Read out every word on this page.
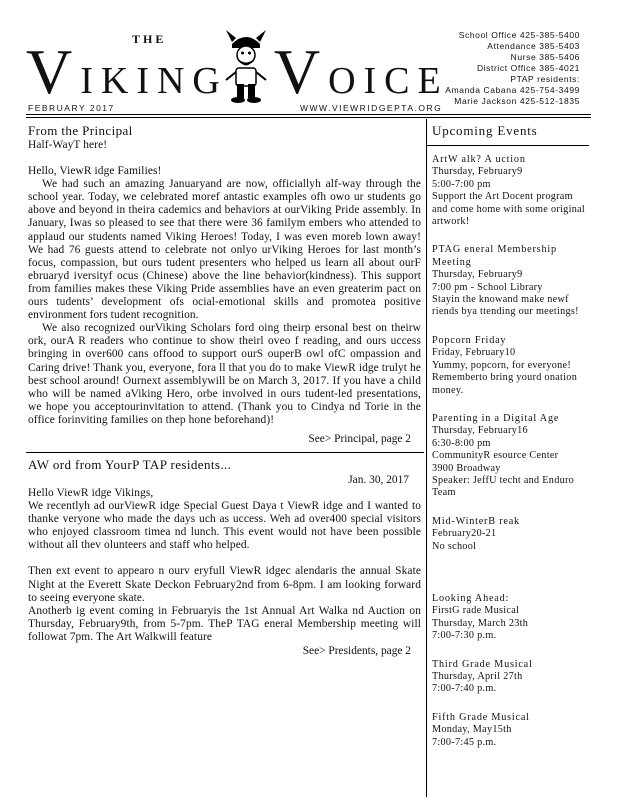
THE
VIKING VOICE
School Office 425-385-5400
Attendance 385-5403
Nurse 385-5406
District Office 385-4021
PTAP residents:
Amanda Cabana 425-754-3499
Marie Jackson 425-512-1835
FEBRUARY 2017	WWW.VIEWRIDGEPTA.ORG
From the Principal
Half-WayT here!
Hello, ViewR idge Families!
We had such an amazing Januaryand are now, officiallyh alf-way through the school year. Today, we celebrated moref antastic examples ofh owo ur students go above and beyond in theira cademics and behaviors at ourViking Pride assembly. In January, Iwas so pleased to see that there were 36 familym embers who attended to applaud our students named Viking Heroes! Today, I was even moreb lown away! We had 76 guests attend to celebrate not onlyo urViking Heroes for last month’s focus, compassion, but ours tudent presenters who helped us learn all about ourF ebruaryd iversityf ocus (Chinese) above the line behavior(kindness). This support from families makes these Viking Pride assemblies have an even greaterim pact on ours tudents’ development ofs ocial-emotional skills and promotea positive environment fors tudent recognition.
We also recognized ourViking Scholars ford oing theirp ersonal best on theirw ork, ourA R readers who continue to show theirl oveo f reading, and ours uccess bringing in over600 cans offood to support ourS ouperB owl ofC ompassion and Caring drive! Thank you, everyone, fora ll that you do to make ViewR idge trulyt he best school around! Ournext assemblywill be on March 3, 2017. If you have a child who will be named aViking Hero, orbe involved in ours tudent-led presentations, we hope you acceptourinvitation to attend. (Thank you to Cindya nd Torie in the office forinviting families on thep hone beforehand)!
See> Principal, page 2
AW ord from YourP TAP residents...
Jan. 30, 2017
Hello ViewR idge Vikings,
We recentlyh ad ourViewR idge Special Guest Daya t ViewR idge and I wanted to thanke veryone who made the days uch as uccess. Weh ad over400 special visitors who enjoyed classroom timea nd lunch. This event would not have been possible without all thev olunteers and staff who helped.
Then ext event to appearo n ourv eryfull ViewR idgec alendaris the annual Skate Night at the Everett Skate Deckon February2nd from 6-8pm. I am looking forward to seeing everyone skate.
Anotherb ig event coming in Februaryis the 1st Annual Art Walka nd Auction on Thursday, February9th, from 5-7pm. TheP TAG eneral Membership meeting will followat 7pm. The Art Walkwill feature
See> Presidents, page 2
Upcoming Events
ArtW alk? A uction
Thursday, February9
5:00-7:00 pm
Support the Art Docent program and come home with some original artwork!
PTAG eneral Membership Meeting
Thursday, February9
7:00 pm - School Library
Stayin the knowand make newf riends bya ttending our meetings!
Popcorn Friday
Friday, February10
Yummy, popcorn, for everyone! Rememberto bring yourd onation money.
Parenting in a Digital Age
Thursday, February16
6:30-8:00 pm
CommunityR esource Center
3900 Broadway
Speaker: JeffU techt and Enduro Team
Mid-WinterB reak
February20-21
No school
Looking Ahead:
FirstG rade Musical
Thursday, March 23th
7:00-7:30 p.m.
Third Grade Musical
Thursday, April 27th
7:00-7:40 p.m.
Fifth Grade Musical
Monday, May15th
7:00-7:45 p.m.
